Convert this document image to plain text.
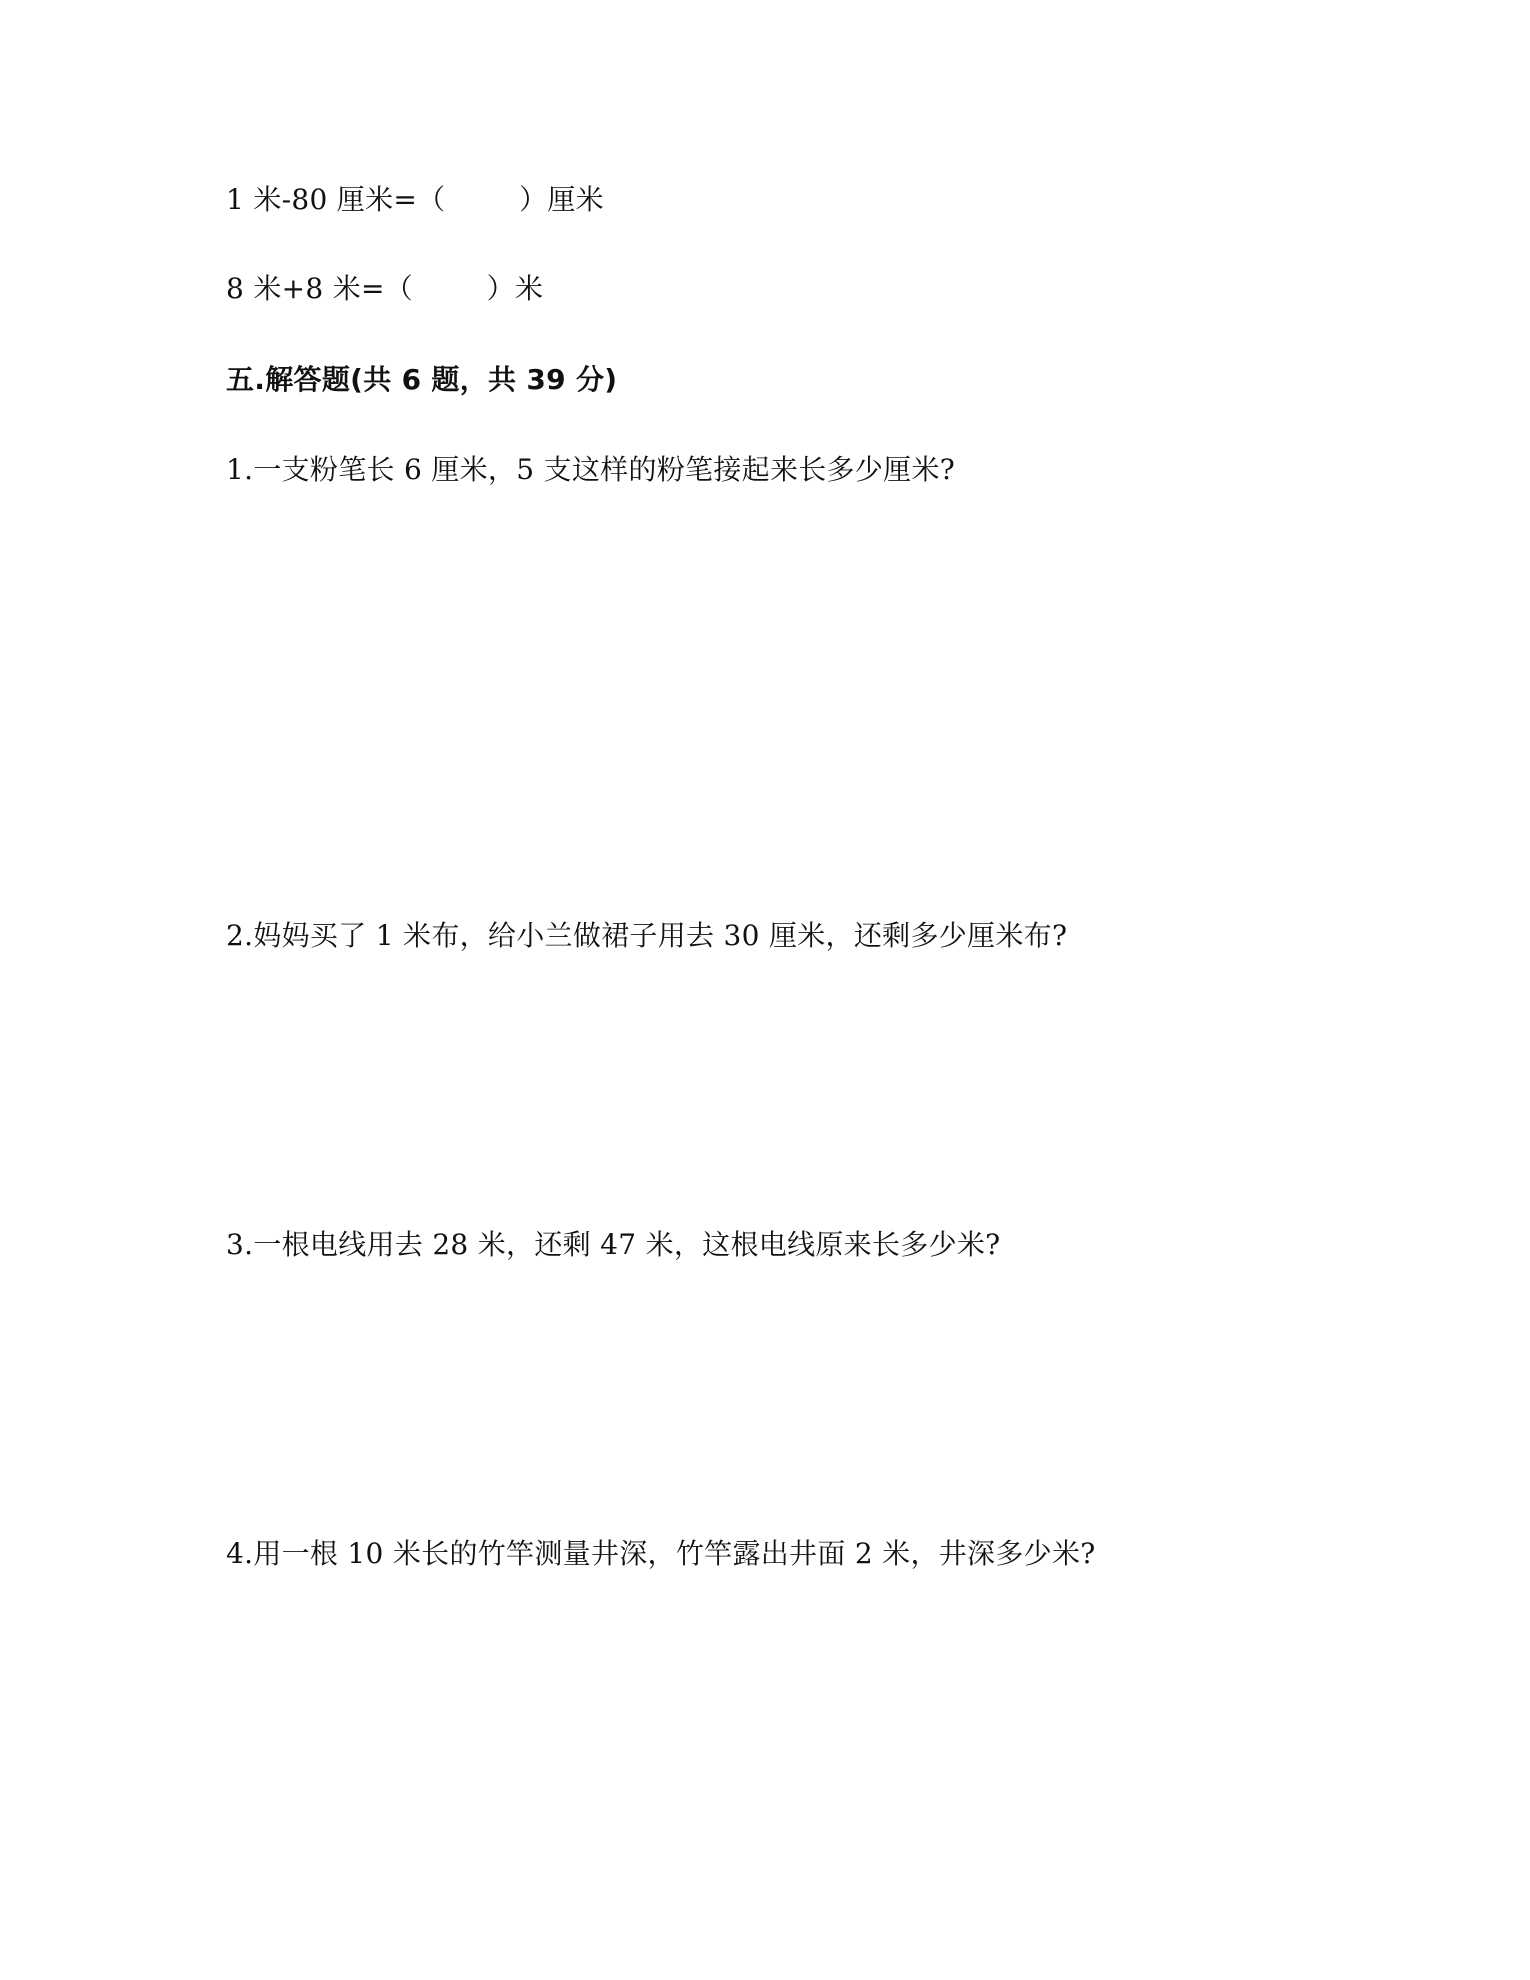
1 米-80 厘米=（        ）厘米
8 米+8 米=（        ）米
五.解答题(共 6 题，共 39 分)
1.一支粉笔长 6 厘米，5 支这样的粉笔接起来长多少厘米?
2.妈妈买了 1 米布，给小兰做裙子用去 30 厘米，还剩多少厘米布?
3.一根电线用去 28 米，还剩 47 米，这根电线原来长多少米?
4.用一根 10 米长的竹竿测量井深，竹竿露出井面 2 米，井深多少米?
